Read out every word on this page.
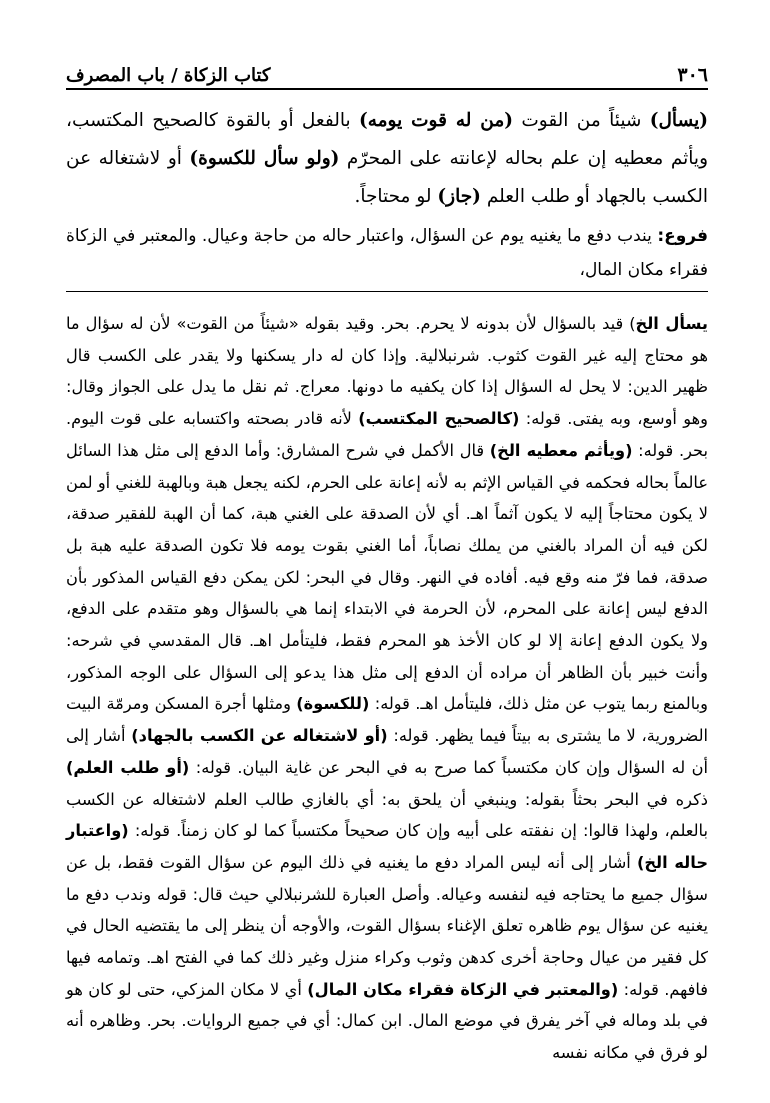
٣٠٦
كتاب الزكاة / باب المصرف

(يسأل) شيئاً من القوت (من له قوت يومه) بالفعل أو بالقوة كالصحيح المكتسب، ويأثم معطيه إن علم بحاله لإعانته على المحرّم (ولو سأل للكسوة) أو لاشتغاله عن الكسب بالجهاد أو طلب العلم (جاز) لو محتاجاً.

فروع: يندب دفع ما يغنيه يوم عن السؤال، واعتبار حاله من حاجة وعيال. والمعتبر في الزكاة فقراء مكان المال،

يسأل الخ) قيد بالسؤال لأن بدونه لا يحرم. بحر. وقيد بقوله «شيئاً من القوت» لأن له سؤال ما هو محتاج إليه غير القوت كثوب. شرنبلالية. وإذا كان له دار يسكنها ولا يقدر على الكسب قال ظهير الدين: لا يحل له السؤال إذا كان يكفيه ما دونها. معراج. ثم نقل ما يدل على الجواز وقال: وهو أوسع، وبه يفتى. قوله: (كالصحيح المكتسب) لأنه قادر بصحته واكتسابه على قوت اليوم. بحر. قوله: (ويأثم معطيه الخ) قال الأكمل في شرح المشارق: وأما الدفع إلى مثل هذا السائل عالماً بحاله فحكمه في القياس الإثم به لأنه إعانة على الحرم، لكنه يجعل هبة وبالهبة للغني أو لمن لا يكون محتاجاً إليه لا يكون آثماً اهـ. أي لأن الصدقة على الغني هبة، كما أن الهبة للفقير صدقة، لكن فيه أن المراد بالغني من يملك نصاباً، أما الغني بقوت يومه فلا تكون الصدقة عليه هبة بل صدقة، فما فرّ منه وقع فيه. أفاده في النهر. وقال في البحر: لكن يمكن دفع القياس المذكور بأن الدفع ليس إعانة على المحرم، لأن الحرمة في الابتداء إنما هي بالسؤال وهو متقدم على الدفع، ولا يكون الدفع إعانة إلا لو كان الأخذ هو المحرم فقط، فليتأمل اهـ. قال المقدسي في شرحه: وأنت خبير بأن الظاهر أن مراده أن الدفع إلى مثل هذا يدعو إلى السؤال على الوجه المذكور، وبالمنع ربما يتوب عن مثل ذلك، فليتأمل اهـ. قوله: (للكسوة) ومثلها أجرة المسكن ومرمّة البيت الضرورية، لا ما يشترى به بيتاً فيما يظهر. قوله: (أو لاشتغاله عن الكسب بالجهاد) أشار إلى أن له السؤال وإن كان مكتسباً كما صرح به في البحر عن غاية البيان. قوله: (أو طلب العلم) ذكره في البحر بحثاً بقوله: وينبغي أن يلحق به: أي بالغازي طالب العلم لاشتغاله عن الكسب بالعلم، ولهذا قالوا: إن نفقته على أبيه وإن كان صحيحاً مكتسباً كما لو كان زمناً. قوله: (واعتبار حاله الخ) أشار إلى أنه ليس المراد دفع ما يغنيه في ذلك اليوم عن سؤال القوت فقط، بل عن سؤال جميع ما يحتاجه فيه لنفسه وعياله. وأصل العبارة للشرنبلالي حيث قال: قوله وندب دفع ما يغنيه عن سؤال يوم ظاهره تعلق الإغناء بسؤال القوت، والأوجه أن ينظر إلى ما يقتضيه الحال في كل فقير من عيال وحاجة أخرى كدهن وثوب وكراء منزل وغير ذلك كما في الفتح اهـ. وتمامه فيها فافهم. قوله: (والمعتبر في الزكاة فقراء مكان المال) أي لا مكان المزكي، حتى لو كان هو في بلد وماله في آخر يفرق في موضع المال. ابن كمال: أي في جميع الروايات. بحر. وظاهره أنه لو فرق في مكانه نفسه
